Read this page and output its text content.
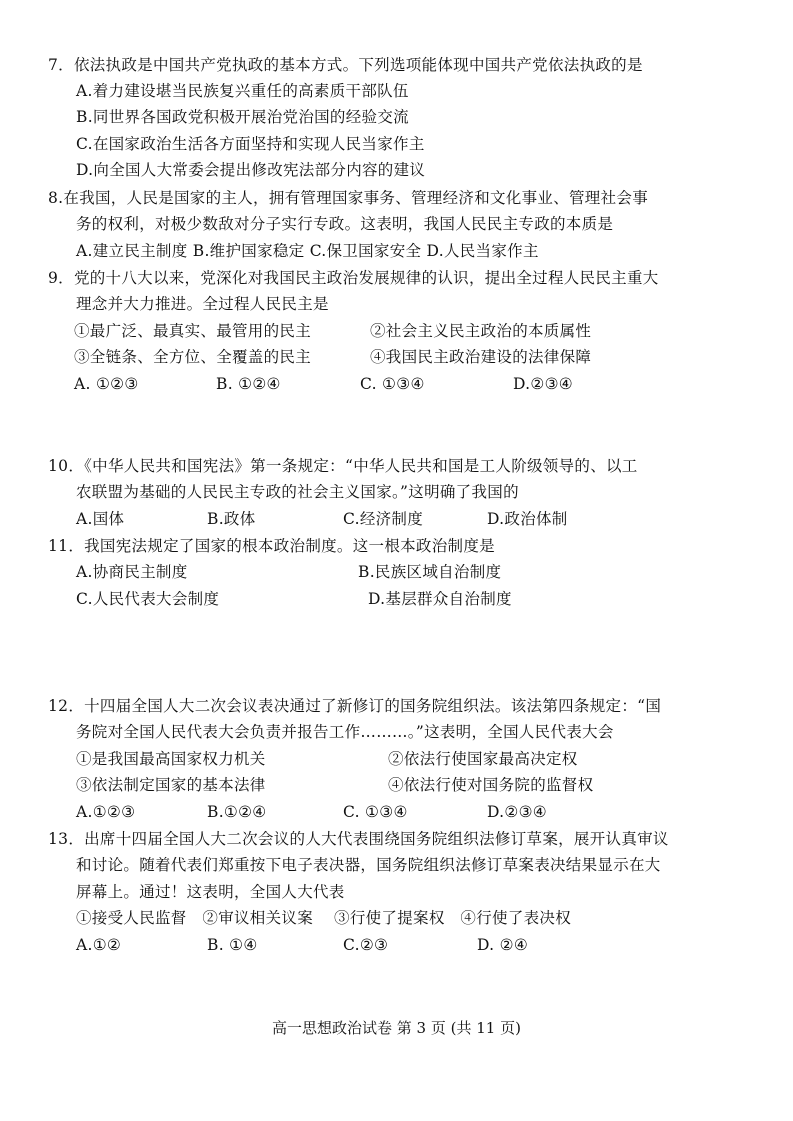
7．依法执政是中国共产党执政的基本方式。下列选项能体现中国共产党依法执政的是
A.着力建设堪当民族复兴重任的高素质干部队伍
B.同世界各国政党积极开展治党治国的经验交流
C.在国家政治生活各方面坚持和实现人民当家作主
D.向全国人大常委会提出修改宪法部分内容的建议
8.在我国，人民是国家的主人，拥有管理国家事务、管理经济和文化事业、管理社会事
务的权利，对极少数敌对分子实行专政。这表明，我国人民民主专政的本质是
A.建立民主制度 B.维护国家稳定 C.保卫国家安全 D.人民当家作主
9．党的十八大以来，党深化对我国民主政治发展规律的认识，提出全过程人民民主重大
理念并大力推进。全过程人民民主是
①最广泛、最真实、最管用的民主	②社会主义民主政治的本质属性
③全链条、全方位、全覆盖的民主	④我国民主政治建设的法律保障
A. ①②③	B. ①②④	C. ①③④	D.②③④
10．《中华人民共和国宪法》第一条规定：“中华人民共和国是工人阶级领导的、以工
农联盟为基础的人民民主专政的社会主义国家。”这明确了我国的
A.国体	B.政体	C.经济制度	D.政治体制
11．我国宪法规定了国家的根本政治制度。这一根本政治制度是
A.协商民主制度	B.民族区域自治制度
C.人民代表大会制度	D.基层群众自治制度
12．十四届全国人大二次会议表决通过了新修订的国务院组织法。该法第四条规定：“国
务院对全国人民代表大会负责并报告工作………。”这表明，全国人民代表大会
①是我国最高国家权力机关	②依法行使国家最高决定权
③依法制定国家的基本法律	④依法行使对国务院的监督权
A.①②③	B.①②④	C. ①③④	D.②③④
13．出席十四届全国人大二次会议的人大代表围绕国务院组织法修订草案，展开认真审议
和讨论。随着代表们郑重按下电子表决器，国务院组织法修订草案表决结果显示在大
屏幕上。通过！这表明，全国人大代表
①接受人民监督　②审议相关议案　 ③行使了提案权　④行使了表决权
A.①②	B. ①④	C.②③	D. ②④
高一思想政治试卷 第 3 页 (共 11 页)
